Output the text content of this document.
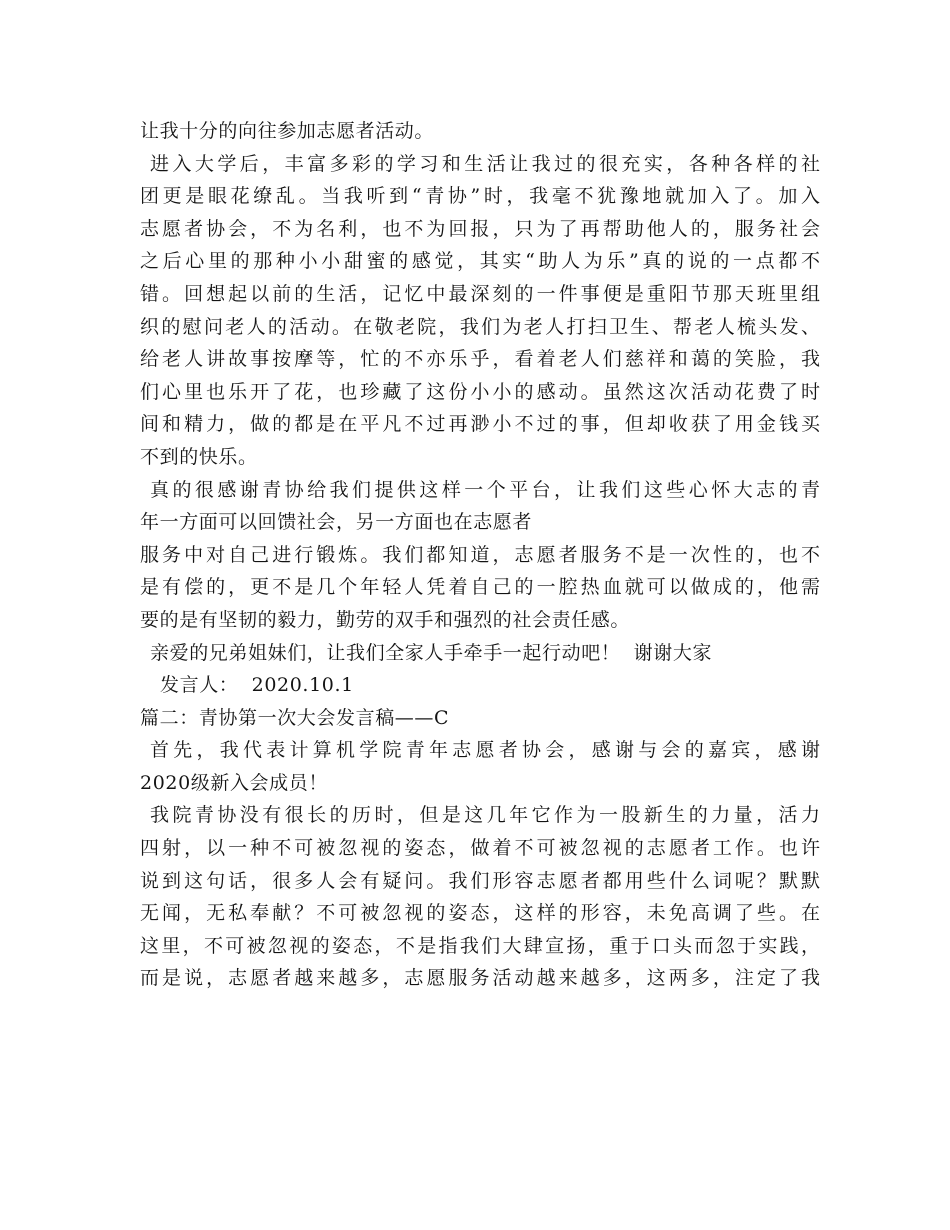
让我十分的向往参加志愿者活动。
进入大学后，丰富多彩的学习和生活让我过的很充实，各种各样的社
团更是眼花缭乱。当我听到“青协”时，我毫不犹豫地就加入了。加入
志愿者协会，不为名利，也不为回报，只为了再帮助他人的，服务社会
之后心里的那种小小甜蜜的感觉，其实“助人为乐”真的说的一点都不
错。回想起以前的生活，记忆中最深刻的一件事便是重阳节那天班里组
织的慰问老人的活动。在敬老院，我们为老人打扫卫生、帮老人梳头发、
给老人讲故事按摩等，忙的不亦乐乎，看着老人们慈祥和蔼的笑脸，我
们心里也乐开了花，也珍藏了这份小小的感动。虽然这次活动花费了时
间和精力，做的都是在平凡不过再渺小不过的事，但却收获了用金钱买
不到的快乐。
真的很感谢青协给我们提供这样一个平台，让我们这些心怀大志的青
年一方面可以回馈社会，另一方面也在志愿者
服务中对自己进行锻炼。我们都知道，志愿者服务不是一次性的，也不
是有偿的，更不是几个年轻人凭着自己的一腔热血就可以做成的，他需
要的是有坚韧的毅力，勤劳的双手和强烈的社会责任感。
亲爱的兄弟姐妹们，让我们全家人手牵手一起行动吧！  谢谢大家
发言人：  2020.10.1
篇二：青协第一次大会发言稿——C
首先，我代表计算机学院青年志愿者协会，感谢与会的嘉宾，感谢
2020级新入会成员！
我院青协没有很长的历时，但是这几年它作为一股新生的力量，活力
四射，以一种不可被忽视的姿态，做着不可被忽视的志愿者工作。也许
说到这句话，很多人会有疑问。我们形容志愿者都用些什么词呢？默默
无闻，无私奉献？不可被忽视的姿态，这样的形容，未免高调了些。在
这里，不可被忽视的姿态，不是指我们大肆宣扬，重于口头而忽于实践，
而是说，志愿者越来越多，志愿服务活动越来越多，这两多，注定了我
